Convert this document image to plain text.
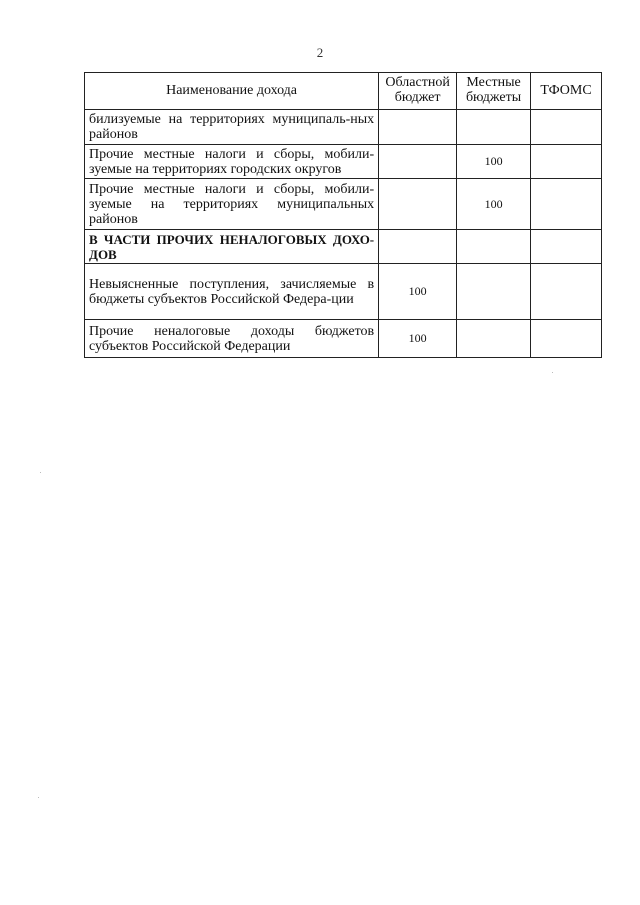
2
Наименование дохода	Областной бюджет	Местные бюджеты	ТФОМС
билизуемые на территориях муниципаль-ных районов			
Прочие местные налоги и сборы, мобили-зуемые на территориях городских округов		100	
Прочие местные налоги и сборы, мобили-зуемые на территориях муниципальных районов		100	
В ЧАСТИ ПРОЧИХ НЕНАЛОГОВЫХ ДОХО-ДОВ			
Невыясненные поступления, зачисляемые в бюджеты субъектов Российской Федера-ции	100		
Прочие неналоговые доходы бюджетов субъектов Российской Федерации	100		
